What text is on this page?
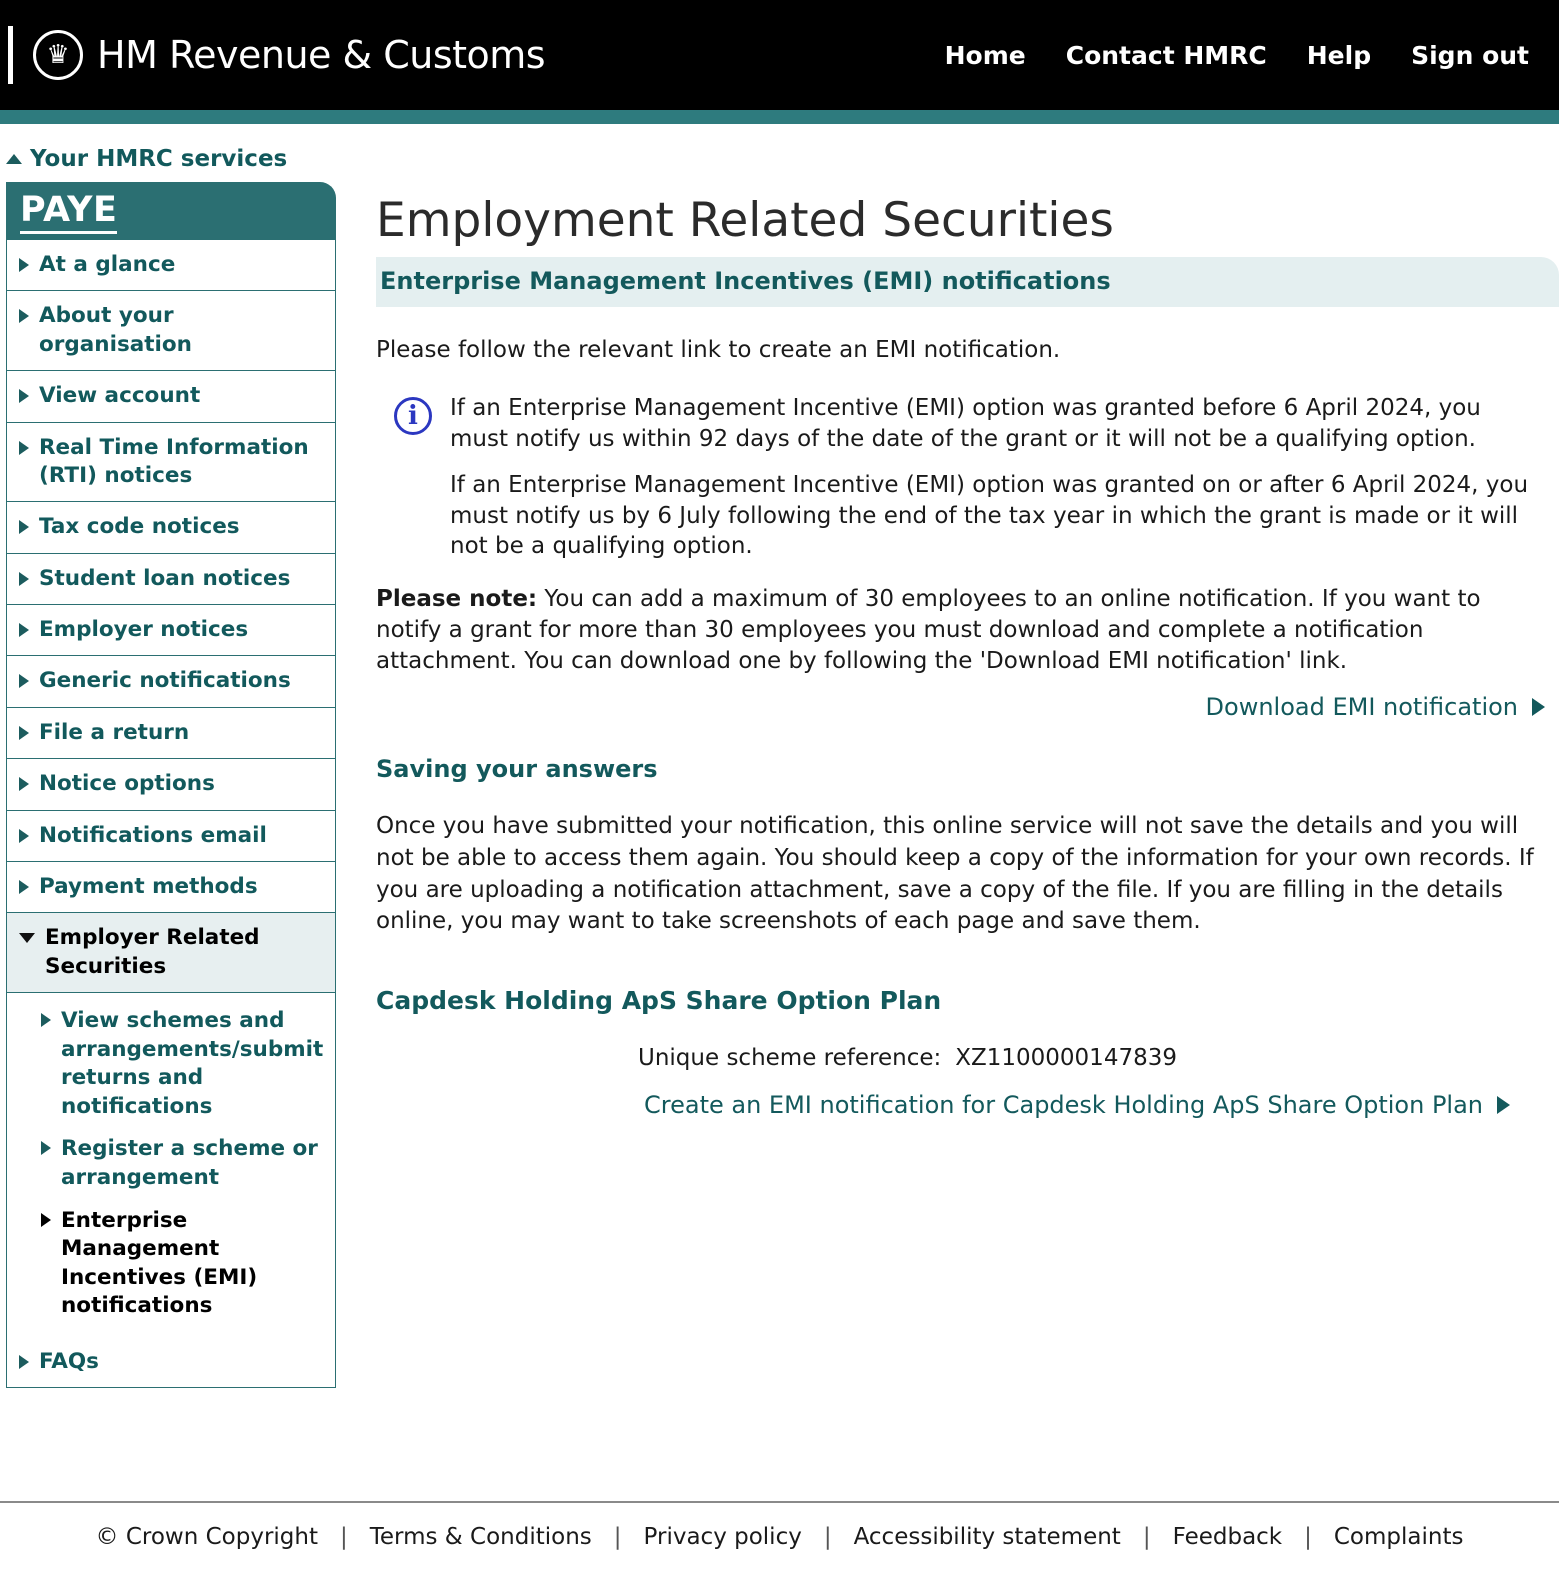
♛ HM Revenue & Customs	Home Contact HMRC Help Sign out
Your HMRC services
PAYE
At a glance
About your organisation
View account
Real Time Information (RTI) notices
Tax code notices
Student loan notices
Employer notices
Generic notifications
File a return
Notice options
Notifications email
Payment methods
Employer Related Securities
View schemes and arrangements/submit returns and notifications
Register a scheme or arrangement
Enterprise Management Incentives (EMI) notifications
FAQs
Employment Related Securities
Enterprise Management Incentives (EMI) notifications

Please follow the relevant link to create an EMI notification.

i	If an Enterprise Management Incentive (EMI) option was granted before 6 April 2024, you must notify us within 92 days of the date of the grant or it will not be a qualifying option.

If an Enterprise Management Incentive (EMI) option was granted on or after 6 April 2024, you must notify us by 6 July following the end of the tax year in which the grant is made or it will not be a qualifying option.

Please note: You can add a maximum of 30 employees to an online notification. If you want to notify a grant for more than 30 employees you must download and complete a notification attachment. You can download one by following the 'Download EMI notification' link.

Download EMI notification
Saving your answers

Once you have submitted your notification, this online service will not save the details and you will not be able to access them again. You should keep a copy of the information for your own records. If you are uploading a notification attachment, save a copy of the file. If you are filling in the details online, you may want to take screenshots of each page and save them.

Capdesk Holding ApS Share Option Plan

Unique scheme reference: XZ1100000147839

Create an EMI notification for Capdesk Holding ApS Share Option Plan
© Crown Copyright | Terms & Conditions | Privacy policy | Accessibility statement | Feedback | Complaints
